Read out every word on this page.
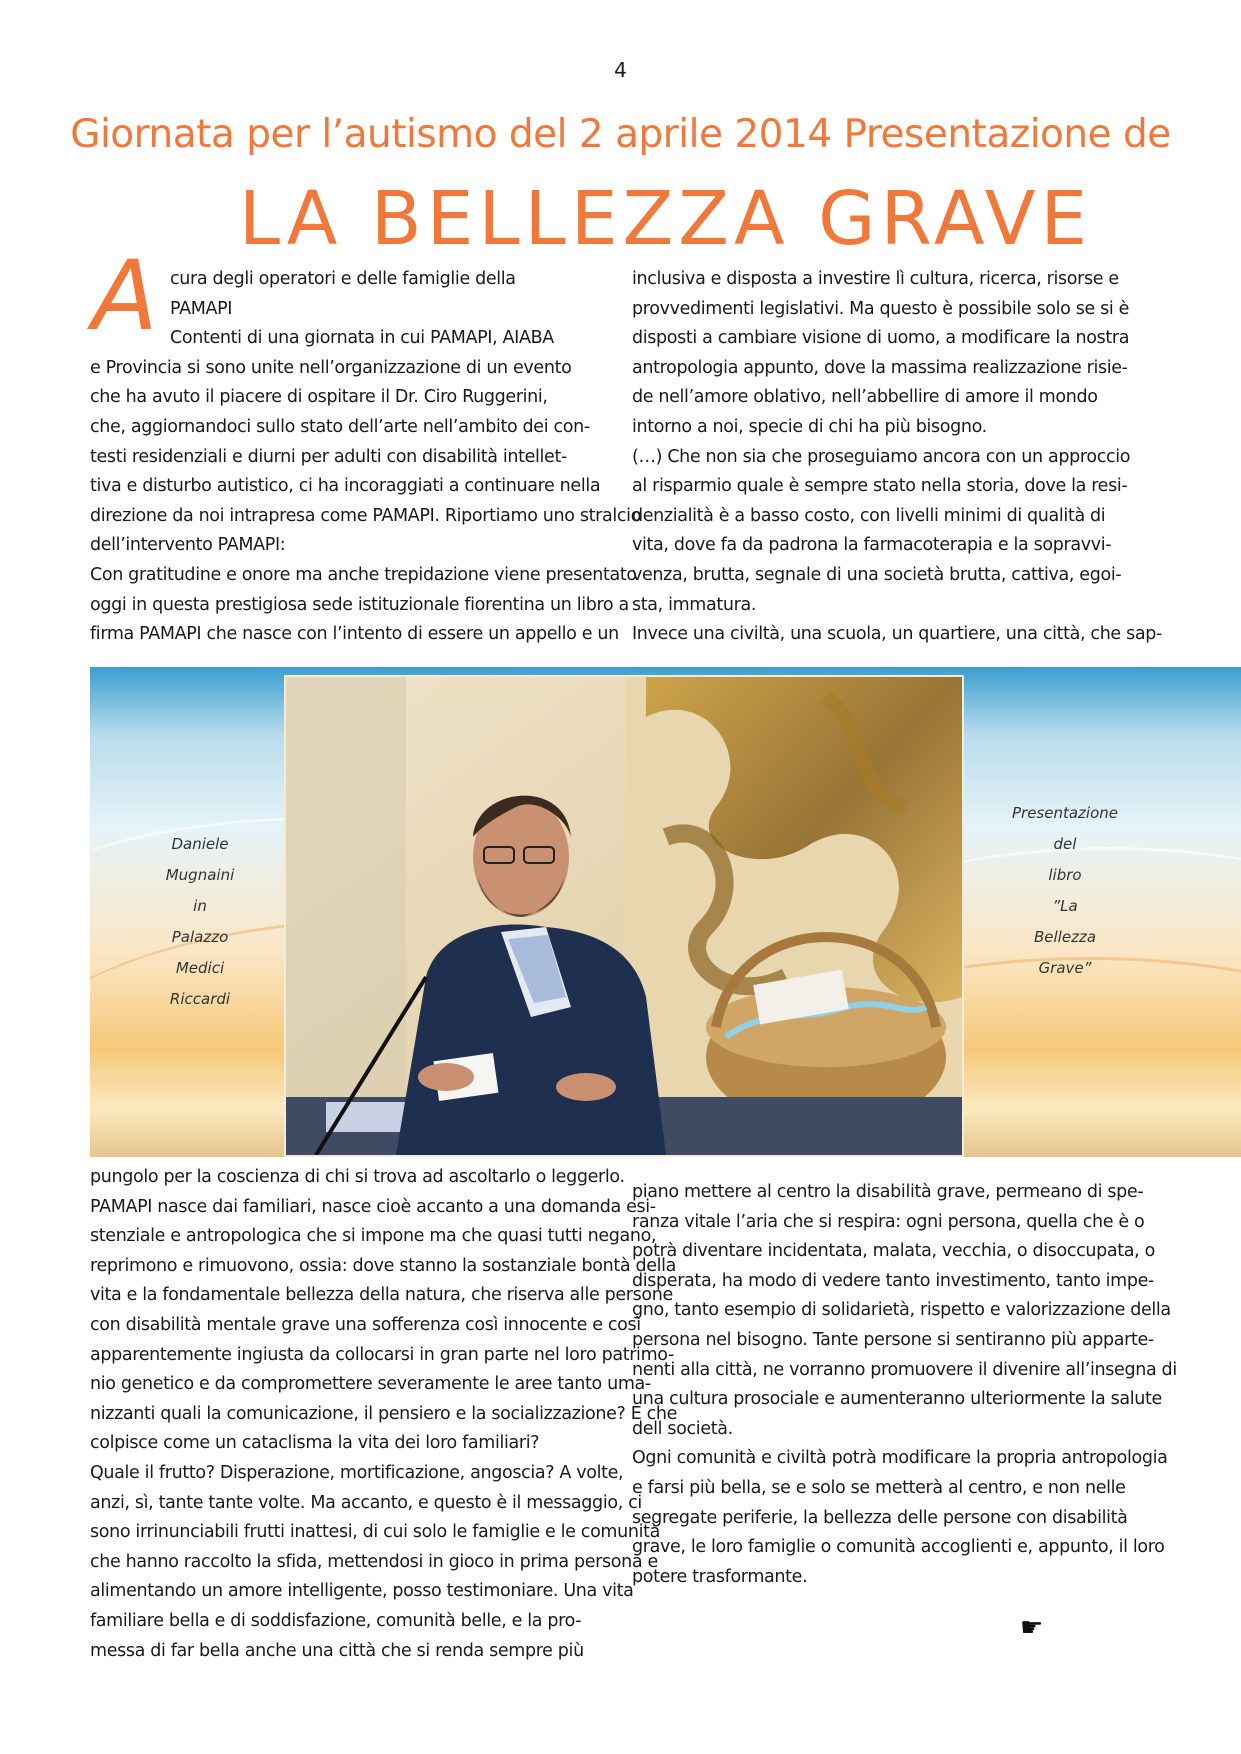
4
Giornata per l’autismo del 2 aprile 2014 Presentazione de
LA BELLEZZA GRAVE
A cura degli operatori e delle famiglie della
PAMAPI
Contenti di una giornata in cui PAMAPI, AIABA
e Provincia si sono unite nell’organizzazione di un evento
che ha avuto il piacere di ospitare il Dr. Ciro Ruggerini,
che, aggiornandoci sullo stato dell’arte nell’ambito dei con-
testi residenziali e diurni per adulti con disabilità intellet-
tiva e disturbo autistico, ci ha incoraggiati a continuare nella
direzione da noi intrapresa come PAMAPI. Riportiamo uno stralcio
dell’intervento PAMAPI:
Con gratitudine e onore ma anche trepidazione viene presentato
oggi in questa prestigiosa sede istituzionale fiorentina un libro a
firma PAMAPI che nasce con l’intento di essere un appello e un
inclusiva e disposta a investire lì cultura, ricerca, risorse e
provvedimenti legislativi. Ma questo è possibile solo se si è
disposti a cambiare visione di uomo, a modificare la nostra
antropologia appunto, dove la massima realizzazione risie-
de nell’amore oblativo, nell’abbellire di amore il mondo
intorno a noi, specie di chi ha più bisogno.
(…) Che non sia che proseguiamo ancora con un approccio
al risparmio quale è sempre stato nella storia, dove la resi-
denzialità è a basso costo, con livelli minimi di qualità di
vita, dove fa da padrona la farmacoterapia e la sopravvi-
venza, brutta, segnale di una società brutta, cattiva, egoi-
sta, immatura.
Invece una civiltà, una scuola, un quartiere, una città, che sap-
Daniele
Mugnaini
in
Palazzo
Medici
Riccardi
Presentazione
del
libro
”La
Bellezza
Grave”
pungolo per la coscienza di chi si trova ad ascoltarlo o leggerlo.
PAMAPI nasce dai familiari, nasce cioè accanto a una domanda esi-
stenziale e antropologica che si impone ma che quasi tutti negano,
reprimono e rimuovono, ossia: dove stanno la sostanziale bontà della
vita e la fondamentale bellezza della natura, che riserva alle persone
con disabilità mentale grave una sofferenza così innocente e così
apparentemente ingiusta da collocarsi in gran parte nel loro patrimo-
nio genetico e da compromettere severamente le aree tanto uma-
nizzanti quali la comunicazione, il pensiero e la socializzazione? E che
colpisce come un cataclisma la vita dei loro familiari?
Quale il frutto? Disperazione, mortificazione, angoscia? A volte,
anzi, sì, tante tante volte. Ma accanto, e questo è il messaggio, ci
sono irrinunciabili frutti inattesi, di cui solo le famiglie e le comunità
che hanno raccolto la sfida, mettendosi in gioco in prima persona e
alimentando un amore intelligente, posso testimoniare. Una vita
familiare bella e di soddisfazione, comunità belle, e la pro-
messa di far bella anche una città che si renda sempre più
piano mettere al centro la disabilità grave, permeano di spe-
ranza vitale l’aria che si respira: ogni persona, quella che è o
potrà diventare incidentata, malata, vecchia, o disoccupata, o
disperata, ha modo di vedere tanto investimento, tanto impe-
gno, tanto esempio di solidarietà, rispetto e valorizzazione della
persona nel bisogno. Tante persone si sentiranno più apparte-
nenti alla città, ne vorranno promuovere il divenire all’insegna di
una cultura prosociale e aumenteranno ulteriormente la salute
dell società.
Ogni comunità e civiltà potrà modificare la propria antropologia
e farsi più bella, se e solo se metterà al centro, e non nelle
segregate periferie, la bellezza delle persone con disabilità
grave, le loro famiglie o comunità accoglienti e, appunto, il loro
potere trasformante.
☛
